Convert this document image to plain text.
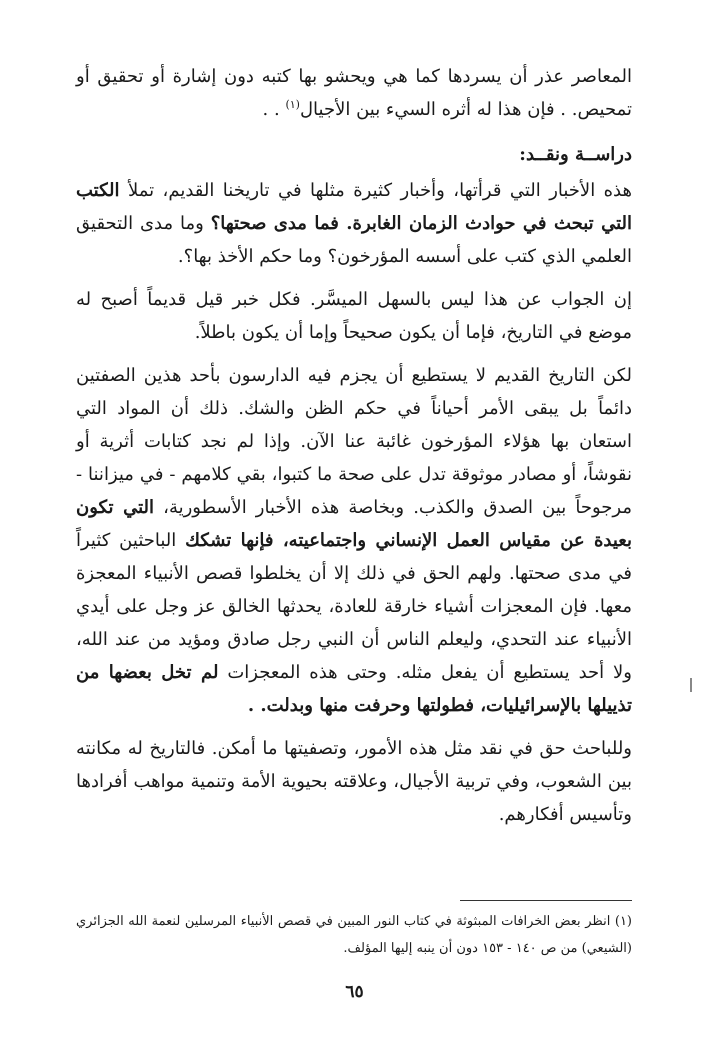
المعاصر عذر أن يسردها كما هي ويحشو بها كتبه دون إشارة أو تحقيق أو تمحيص. . فإن هذا له أثره السيء بين الأجيال$^{(١)}$ . .

دراســة ونقــد:

هذه الأخبار التي قرأتها، وأخبار كثيرة مثلها في تاريخنا القديم، تملأ الكتب التي تبحث في حوادث الزمان الغابرة. فما مدى صحتها؟ وما مدى التحقيق العلمي الذي كتب على أسسه المؤرخون؟ وما حكم الأخذ بها؟.

إن الجواب عن هذا ليس بالسهل الميسَّر. فكل خبر قيل قديماً أصبح له موضع في التاريخ، فإما أن يكون صحيحاً وإما أن يكون باطلاً.

لكن التاريخ القديم لا يستطيع أن يجزم فيه الدارسون بأحد هذين الصفتين دائماً بل يبقى الأمر أحياناً في حكم الظن والشك. ذلك أن المواد التي استعان بها هؤلاء المؤرخون غائبة عنا الآن. وإذا لم نجد كتابات أثرية أو نقوشاً، أو مصادر موثوقة تدل على صحة ما كتبوا، بقي كلامهم - في ميزاننا - مرجوحاً بين الصدق والكذب. وبخاصة هذه الأخبار الأسطورية، التي تكون بعيدة عن مقياس العمل الإنساني واجتماعيته، فإنها تشكك الباحثين كثيراً في مدى صحتها. ولهم الحق في ذلك إلا أن يخلطوا قصص الأنبياء المعجزة معها. فإن المعجزات أشياء خارقة للعادة، يحدثها الخالق عز وجل على أيدي الأنبياء عند التحدي، وليعلم الناس أن النبي رجل صادق ومؤيد من عند الله، ولا أحد يستطيع أن يفعل مثله. وحتى هذه المعجزات لم تخل بعضها من تذييلها بالإسرائيليات، فطولتها وحرفت منها وبدلت. .

وللباحث حق في نقد مثل هذه الأمور، وتصفيتها ما أمكن. فالتاريخ له مكانته بين الشعوب، وفي تربية الأجيال، وعلاقته بحيوية الأمة وتنمية مواهب أفرادها وتأسيس أفكارهم.

(١) انظر بعض الخرافات المبثوثة في كتاب النور المبين في قصص الأنبياء المرسلين لنعمة الله الجزائري (الشيعي) من ص ١٤٠ - ١٥٣ دون أن ينبه إليها المؤلف.

٦٥
